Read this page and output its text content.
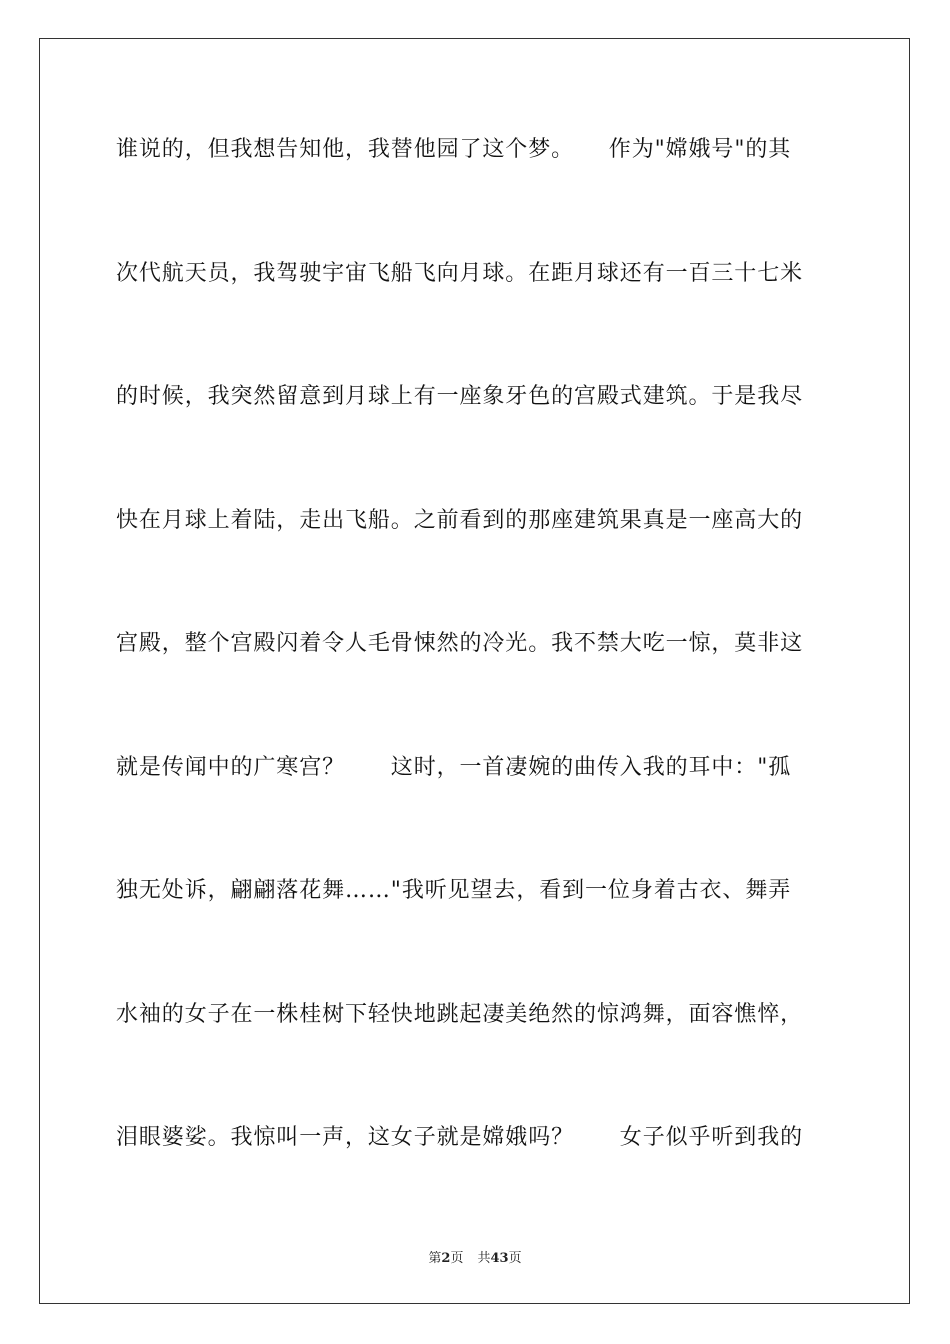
谁说的，但我想告知他，我替他园了这个梦。　　作为"嫦娥号"的其
次代航天员，我驾驶宇宙飞船飞向月球。在距月球还有一百三十七米
的时候，我突然留意到月球上有一座象牙色的宫殿式建筑。于是我尽
快在月球上着陆，走出飞船。之前看到的那座建筑果真是一座高大的
宫殿，整个宫殿闪着令人毛骨悚然的冷光。我不禁大吃一惊，莫非这
就是传闻中的广寒宫？　　这时，一首凄婉的曲传入我的耳中："孤
独无处诉，翩翩落花舞……"我听见望去，看到一位身着古衣、舞弄
水袖的女子在一株桂树下轻快地跳起凄美绝然的惊鸿舞，面容憔悴，
泪眼婆娑。我惊叫一声，这女子就是嫦娥吗？　　女子似乎听到我的
第2页 共43页
